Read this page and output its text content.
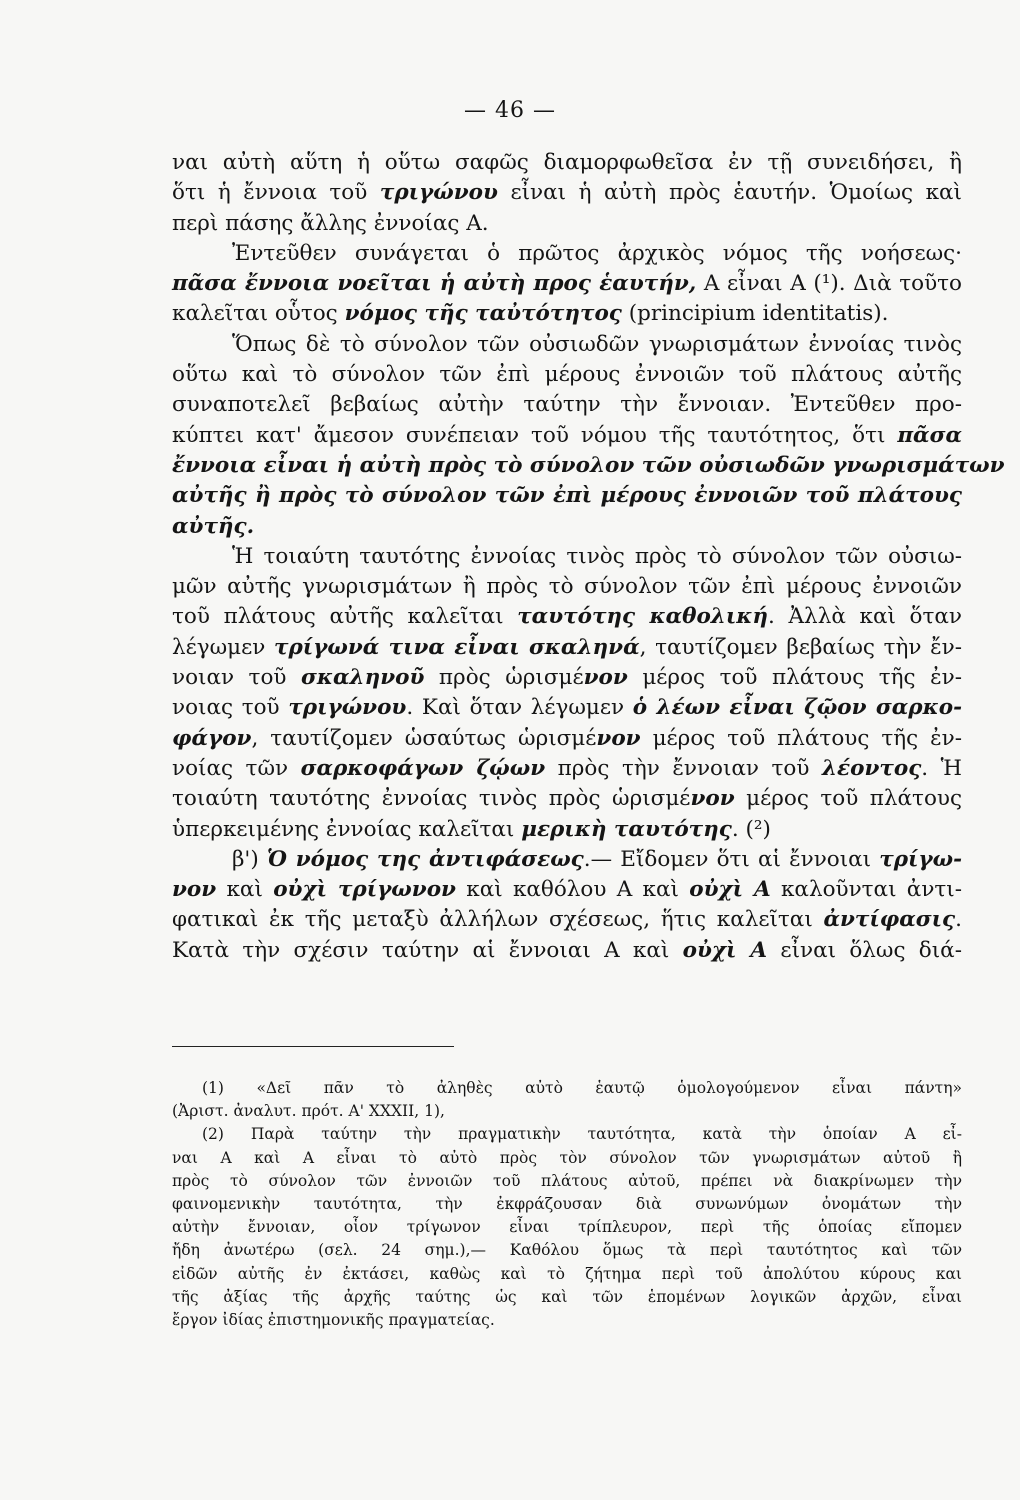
— 46 —
ναι αὐτὴ αὕτη ἡ οὕτω σαφῶς διαμορφωθεῖσα ἐν τῇ συνειδήσει, ἢ
ὅτι ἡ ἔννοια τοῦ τριγώνου εἶναι ἡ αὐτὴ πρὸς ἑαυτήν. Ὁμοίως καὶ
περὶ πάσης ἄλλης ἐννοίας Α.
Ἐντεῦθεν συνάγεται ὁ πρῶτος ἀρχικὸς νόμος τῆς νοήσεως·
πᾶσα ἔννοια νοεῖται ἡ αὐτὴ προς ἑαυτήν, Α εἶναι Α (¹). Διὰ τοῦτο
καλεῖται οὗτος νόμος τῆς ταὐτότητος (principium identitatis).
Ὅπως δὲ τὸ σύνολον τῶν οὐσιωδῶν γνωρισμάτων ἐννοίας τινὸς
οὕτω καὶ τὸ σύνολον τῶν ἐπὶ μέρους ἐννοιῶν τοῦ πλάτους αὐτῆς
συναποτελεῖ βεβαίως αὐτὴν ταύτην τὴν ἔννοιαν. Ἐντεῦθεν προ-
κύπτει κατ' ἄμεσον συνέπειαν τοῦ νόμου τῆς ταυτότητος, ὅτι πᾶσα
ἔννοια εἶναι ἡ αὐτὴ πρὸς τὸ σύνολον τῶν οὐσιωδῶν γνωρισμάτων
αὐτῆς ἢ πρὸς τὸ σύνολον τῶν ἐπὶ μέρους ἐννοιῶν τοῦ πλάτους
αὐτῆς.
Ἡ τοιαύτη ταυτότης ἐννοίας τινὸς πρὸς τὸ σύνολον τῶν οὐσιω-
μῶν αὐτῆς γνωρισμάτων ἢ πρὸς τὸ σύνολον τῶν ἐπὶ μέρους ἐννοιῶν
τοῦ πλάτους αὐτῆς καλεῖται ταυτότης καθολική. Ἀλλὰ καὶ ὅταν
λέγωμεν τρίγωνά τινα εἶναι σκαληνά, ταυτίζομεν βεβαίως τὴν ἔν-
νοιαν τοῦ σκαληνοῦ πρὸς ὡρισμένον μέρος τοῦ πλάτους τῆς ἐν-
νοιας τοῦ τριγώνου. Καὶ ὅταν λέγωμεν ὁ λέων εἶναι ζῷον σαρκο-
φάγον, ταυτίζομεν ὡσαύτως ὡρισμένον μέρος τοῦ πλάτους τῆς ἐν-
νοίας τῶν σαρκοφάγων ζῴων πρὸς τὴν ἔννοιαν τοῦ λέοντος. Ἡ
τοιαύτη ταυτότης ἐννοίας τινὸς πρὸς ὡρισμένον μέρος τοῦ πλάτους
ὑπερκειμένης ἐννοίας καλεῖται μερικὴ ταυτότης. (²)
β') Ὁ νόμος της ἀντιφάσεως.— Εἴδομεν ὅτι αἱ ἔννοιαι τρίγω-
νον καὶ οὐχὶ τρίγωνον καὶ καθόλου Α καὶ οὐχὶ Α καλοῦνται ἀντι-
φατικαὶ ἐκ τῆς μεταξὺ ἀλλήλων σχέσεως, ἥτις καλεῖται ἀντίφασις.
Κατὰ τὴν σχέσιν ταύτην αἱ ἔννοιαι Α καὶ οὐχὶ Α εἶναι ὅλως διά-
(1) «Δεῖ πᾶν τὸ ἀληθὲς αὐτὸ ἑαυτῷ ὁμολογούμενον εἶναι πάντη»
(Ἀριστ. ἀναλυτ. πρότ. Α' XXXII, 1),
(2) Παρὰ ταύτην τὴν πραγματικὴν ταυτότητα, κατὰ τὴν ὁποίαν Α εἶ-
ναι Α καὶ Α εἶναι τὸ αὐτὸ πρὸς τὸν σύνολον τῶν γνωρισμάτων αὐτοῦ ἢ
πρὸς τὸ σύνολον τῶν ἐννοιῶν τοῦ πλάτους αὐτοῦ, πρέπει νὰ διακρίνωμεν τὴν
φαινομενικὴν ταυτότητα, τὴν ἐκφράζουσαν διὰ συνωνύμων ὀνομάτων τὴν
αὐτὴν ἔννοιαν, οἷον τρίγωνον εἶναι τρίπλευρον, περὶ τῆς ὁποίας εἴπομεν
ἤδη ἀνωτέρω (σελ. 24 σημ.),— Καθόλου ὅμως τὰ περὶ ταυτότητος καὶ τῶν
εἰδῶν αὐτῆς ἐν ἐκτάσει, καθὼς καὶ τὸ ζήτημα περὶ τοῦ ἀπολύτου κύρους και
τῆς ἀξίας τῆς ἀρχῆς ταύτης ὡς καὶ τῶν ἑπομένων λογικῶν ἀρχῶν, εἶναι
ἔργον ἰδίας ἐπιστημονικῆς πραγματείας.
